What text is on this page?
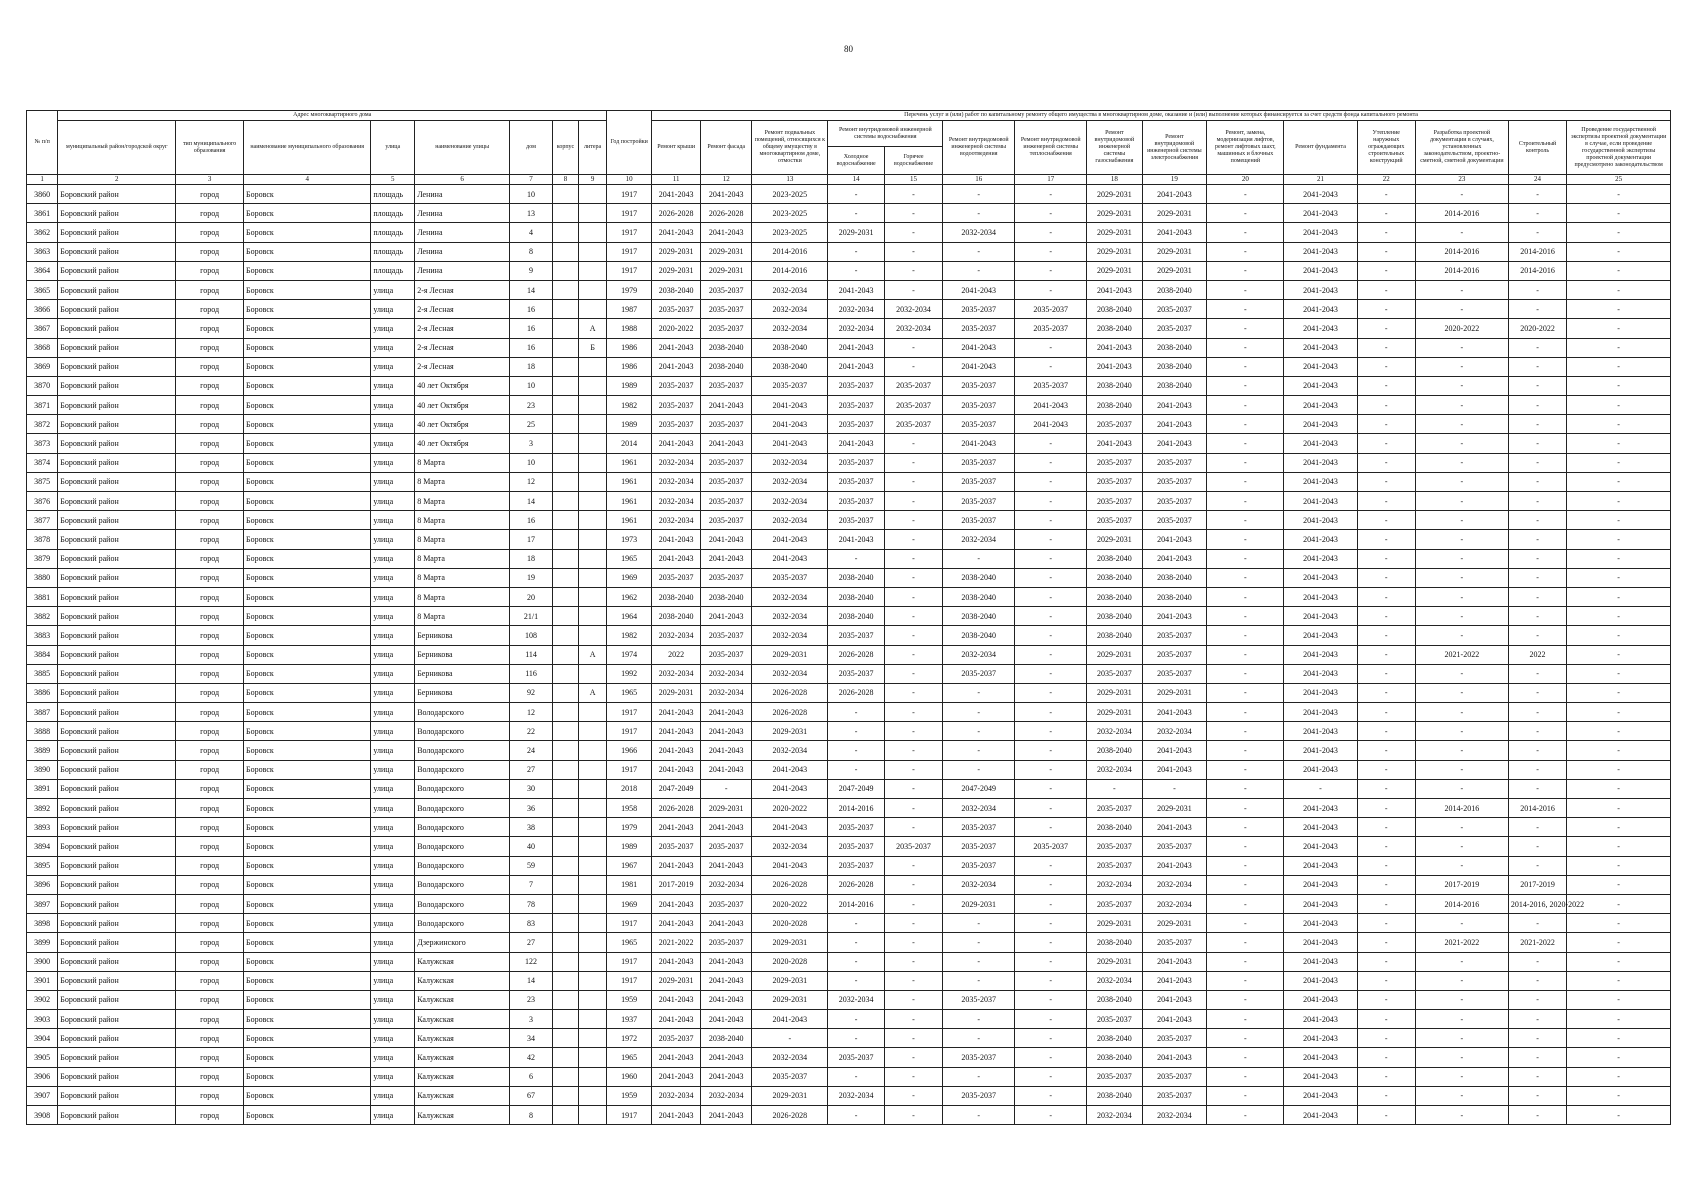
80
№ п/п	Адрес многоквартирного дома								Год постройки	Перечень услуг и (или) работ по капитальному ремонту общего имущества в многоквартирном доме, оказание и (или) выполнение которых финансируется за счет средств фонда капитального ремонта														
	муниципальный район/городской округ	тип муниципального образования	наименование муниципального образования	улица	наименование улицы	дом	корпус	литера		Ремонт крыши	Ремонт фасада	Ремонт подвальных помещений, относящихся к общему имуществу в многоквартирном доме, отмостки	Ремонт внутридомовой инженерной системы водоснабжения		Ремонт внутридомовой инженерной системы водоотведения	Ремонт внутридомовой инженерной системы теплоснабжения	Ремонт внутридомовой инженерной системы газоснабжения	Ремонт внутридомовой инженерной системы электроснабжения	Ремонт, замена, модернизация лифтов, ремонт лифтовых шахт, машинных и блочных помещений	Ремонт фундамента	Утепление наружных ограждающих строительных конструкций	Разработка проектной документации в случаях, установленных законодательством, проектно-сметной, сметной документации	Строительный контроль	Проведение государственной экспертизы проектной документации в случае, если проведение государственной экспертизы проектной документации предусмотрено законодательством
													Холодное водоснабжение	Горячее водоснабжение										
1	2	3	4	5	6	7	8	9	10	11	12	13	14	15	16	17	18	19	20	21	22	23	24	25
3860	Боровский район	город	Боровск	площадь	Ленина	10			1917	2041-2043	2041-2043	2023-2025	-	-	-	-	2029-2031	2041-2043	-	2041-2043	-	-	-	-
3861	Боровский район	город	Боровск	площадь	Ленина	13			1917	2026-2028	2026-2028	2023-2025	-	-	-	-	2029-2031	2029-2031	-	2041-2043	-	2014-2016	-	-
3862	Боровский район	город	Боровск	площадь	Ленина	4			1917	2041-2043	2041-2043	2023-2025	2029-2031	-	2032-2034	-	2029-2031	2041-2043	-	2041-2043	-	-	-	-
3863	Боровский район	город	Боровск	площадь	Ленина	8			1917	2029-2031	2029-2031	2014-2016	-	-	-	-	2029-2031	2029-2031	-	2041-2043	-	2014-2016	2014-2016	-
3864	Боровский район	город	Боровск	площадь	Ленина	9			1917	2029-2031	2029-2031	2014-2016	-	-	-	-	2029-2031	2029-2031	-	2041-2043	-	2014-2016	2014-2016	-
3865	Боровский район	город	Боровск	улица	2-я Лесная	14			1979	2038-2040	2035-2037	2032-2034	2041-2043	-	2041-2043	-	2041-2043	2038-2040	-	2041-2043	-	-	-	-
3866	Боровский район	город	Боровск	улица	2-я Лесная	16			1987	2035-2037	2035-2037	2032-2034	2032-2034	2032-2034	2035-2037	2035-2037	2038-2040	2035-2037	-	2041-2043	-	-	-	-
3867	Боровский район	город	Боровск	улица	2-я Лесная	16		А	1988	2020-2022	2035-2037	2032-2034	2032-2034	2032-2034	2035-2037	2035-2037	2038-2040	2035-2037	-	2041-2043	-	2020-2022	2020-2022	-
3868	Боровский район	город	Боровск	улица	2-я Лесная	16		Б	1986	2041-2043	2038-2040	2038-2040	2041-2043	-	2041-2043	-	2041-2043	2038-2040	-	2041-2043	-	-	-	-
3869	Боровский район	город	Боровск	улица	2-я Лесная	18			1986	2041-2043	2038-2040	2038-2040	2041-2043	-	2041-2043	-	2041-2043	2038-2040	-	2041-2043	-	-	-	-
3870	Боровский район	город	Боровск	улица	40 лет Октября	10			1989	2035-2037	2035-2037	2035-2037	2035-2037	2035-2037	2035-2037	2035-2037	2038-2040	2038-2040	-	2041-2043	-	-	-	-
3871	Боровский район	город	Боровск	улица	40 лет Октября	23			1982	2035-2037	2041-2043	2041-2043	2035-2037	2035-2037	2035-2037	2041-2043	2038-2040	2041-2043	-	2041-2043	-	-	-	-
3872	Боровский район	город	Боровск	улица	40 лет Октября	25			1989	2035-2037	2035-2037	2041-2043	2035-2037	2035-2037	2035-2037	2041-2043	2035-2037	2041-2043	-	2041-2043	-	-	-	-
3873	Боровский район	город	Боровск	улица	40 лет Октября	3			2014	2041-2043	2041-2043	2041-2043	2041-2043	-	2041-2043	-	2041-2043	2041-2043	-	2041-2043	-	-	-	-
3874	Боровский район	город	Боровск	улица	8 Марта	10			1961	2032-2034	2035-2037	2032-2034	2035-2037	-	2035-2037	-	2035-2037	2035-2037	-	2041-2043	-	-	-	-
3875	Боровский район	город	Боровск	улица	8 Марта	12			1961	2032-2034	2035-2037	2032-2034	2035-2037	-	2035-2037	-	2035-2037	2035-2037	-	2041-2043	-	-	-	-
3876	Боровский район	город	Боровск	улица	8 Марта	14			1961	2032-2034	2035-2037	2032-2034	2035-2037	-	2035-2037	-	2035-2037	2035-2037	-	2041-2043	-	-	-	-
3877	Боровский район	город	Боровск	улица	8 Марта	16			1961	2032-2034	2035-2037	2032-2034	2035-2037	-	2035-2037	-	2035-2037	2035-2037	-	2041-2043	-	-	-	-
3878	Боровский район	город	Боровск	улица	8 Марта	17			1973	2041-2043	2041-2043	2041-2043	2041-2043	-	2032-2034	-	2029-2031	2041-2043	-	2041-2043	-	-	-	-
3879	Боровский район	город	Боровск	улица	8 Марта	18			1965	2041-2043	2041-2043	2041-2043	-	-	-	-	2038-2040	2041-2043	-	2041-2043	-	-	-	-
3880	Боровский район	город	Боровск	улица	8 Марта	19			1969	2035-2037	2035-2037	2035-2037	2038-2040	-	2038-2040	-	2038-2040	2038-2040	-	2041-2043	-	-	-	-
3881	Боровский район	город	Боровск	улица	8 Марта	20			1962	2038-2040	2038-2040	2032-2034	2038-2040	-	2038-2040	-	2038-2040	2038-2040	-	2041-2043	-	-	-	-
3882	Боровский район	город	Боровск	улица	8 Марта	21/1			1964	2038-2040	2041-2043	2032-2034	2038-2040	-	2038-2040	-	2038-2040	2041-2043	-	2041-2043	-	-	-	-
3883	Боровский район	город	Боровск	улица	Берникова	108			1982	2032-2034	2035-2037	2032-2034	2035-2037	-	2038-2040	-	2038-2040	2035-2037	-	2041-2043	-	-	-	-
3884	Боровский район	город	Боровск	улица	Берникова	114		А	1974	2022	2035-2037	2029-2031	2026-2028	-	2032-2034	-	2029-2031	2035-2037	-	2041-2043	-	2021-2022	2022	-
3885	Боровский район	город	Боровск	улица	Берникова	116			1992	2032-2034	2032-2034	2032-2034	2035-2037	-	2035-2037	-	2035-2037	2035-2037	-	2041-2043	-	-	-	-
3886	Боровский район	город	Боровск	улица	Берникова	92		А	1965	2029-2031	2032-2034	2026-2028	2026-2028	-	-	-	2029-2031	2029-2031	-	2041-2043	-	-	-	-
3887	Боровский район	город	Боровск	улица	Володарского	12			1917	2041-2043	2041-2043	2026-2028	-	-	-	-	2029-2031	2041-2043	-	2041-2043	-	-	-	-
3888	Боровский район	город	Боровск	улица	Володарского	22			1917	2041-2043	2041-2043	2029-2031	-	-	-	-	2032-2034	2032-2034	-	2041-2043	-	-	-	-
3889	Боровский район	город	Боровск	улица	Володарского	24			1966	2041-2043	2041-2043	2032-2034	-	-	-	-	2038-2040	2041-2043	-	2041-2043	-	-	-	-
3890	Боровский район	город	Боровск	улица	Володарского	27			1917	2041-2043	2041-2043	2041-2043	-	-	-	-	2032-2034	2041-2043	-	2041-2043	-	-	-	-
3891	Боровский район	город	Боровск	улица	Володарского	30			2018	2047-2049	-	2041-2043	2047-2049	-	2047-2049	-	-	-	-	-	-	-	-	-
3892	Боровский район	город	Боровск	улица	Володарского	36			1958	2026-2028	2029-2031	2020-2022	2014-2016	-	2032-2034	-	2035-2037	2029-2031	-	2041-2043	-	2014-2016	2014-2016	-
3893	Боровский район	город	Боровск	улица	Володарского	38			1979	2041-2043	2041-2043	2041-2043	2035-2037	-	2035-2037	-	2038-2040	2041-2043	-	2041-2043	-	-	-	-
3894	Боровский район	город	Боровск	улица	Володарского	40			1989	2035-2037	2035-2037	2032-2034	2035-2037	2035-2037	2035-2037	2035-2037	2035-2037	2035-2037	-	2041-2043	-	-	-	-
3895	Боровский район	город	Боровск	улица	Володарского	59			1967	2041-2043	2041-2043	2041-2043	2035-2037	-	2035-2037	-	2035-2037	2041-2043	-	2041-2043	-	-	-	-
3896	Боровский район	город	Боровск	улица	Володарского	7			1981	2017-2019	2032-2034	2026-2028	2026-2028	-	2032-2034	-	2032-2034	2032-2034	-	2041-2043	-	2017-2019	2017-2019	-
3897	Боровский район	город	Боровск	улица	Володарского	78			1969	2041-2043	2035-2037	2020-2022	2014-2016	-	2029-2031	-	2035-2037	2032-2034	-	2041-2043	-	2014-2016	2014-2016, 2020-2022	-
3898	Боровский район	город	Боровск	улица	Володарского	83			1917	2041-2043	2041-2043	2020-2028	-	-	-	-	2029-2031	2029-2031	-	2041-2043	-	-	-	-
3899	Боровский район	город	Боровск	улица	Дзержинского	27			1965	2021-2022	2035-2037	2029-2031	-	-	-	-	2038-2040	2035-2037	-	2041-2043	-	2021-2022	2021-2022	-
3900	Боровский район	город	Боровск	улица	Калужская	122			1917	2041-2043	2041-2043	2020-2028	-	-	-	-	2029-2031	2041-2043	-	2041-2043	-	-	-	-
3901	Боровский район	город	Боровск	улица	Калужская	14			1917	2029-2031	2041-2043	2029-2031	-	-	-	-	2032-2034	2041-2043	-	2041-2043	-	-	-	-
3902	Боровский район	город	Боровск	улица	Калужская	23			1959	2041-2043	2041-2043	2029-2031	2032-2034	-	2035-2037	-	2038-2040	2041-2043	-	2041-2043	-	-	-	-
3903	Боровский район	город	Боровск	улица	Калужская	3			1937	2041-2043	2041-2043	2041-2043	-	-	-	-	2035-2037	2041-2043	-	2041-2043	-	-	-	-
3904	Боровский район	город	Боровск	улица	Калужская	34			1972	2035-2037	2038-2040	-	-	-	-	-	2038-2040	2035-2037	-	2041-2043	-	-	-	-
3905	Боровский район	город	Боровск	улица	Калужская	42			1965	2041-2043	2041-2043	2032-2034	2035-2037	-	2035-2037	-	2038-2040	2041-2043	-	2041-2043	-	-	-	-
3906	Боровский район	город	Боровск	улица	Калужская	6			1960	2041-2043	2041-2043	2035-2037	-	-	-	-	2035-2037	2035-2037	-	2041-2043	-	-	-	-
3907	Боровский район	город	Боровск	улица	Калужская	67			1959	2032-2034	2032-2034	2029-2031	2032-2034	-	2035-2037	-	2038-2040	2035-2037	-	2041-2043	-	-	-	-
3908	Боровский район	город	Боровск	улица	Калужская	8			1917	2041-2043	2041-2043	2026-2028	-	-	-	-	2032-2034	2032-2034	-	2041-2043	-	-	-	-
